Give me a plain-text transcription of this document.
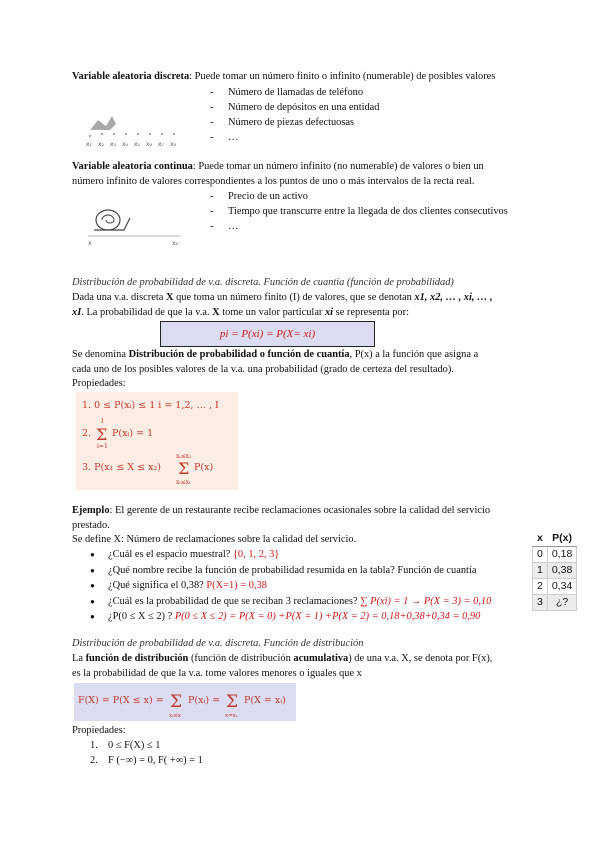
Variable aleatoria discreta: Puede tomar un número finito o infinito (numerable) de posibles valores
x₁ x₂ x₃ x₄ x₅ x₆ x₇ x₈
- Número de llamadas de teléfono
- Número de depósitos en una entidad
- Número de piezas defectuosas
- …
Variable aleatoria continua: Puede tomar un número infinito (no numerable) de valores o bien un
número infinito de valores correspondientes a los puntos de uno o más intervalos de la recta real.
x	x₂
- Precio de un activo
- Tiempo que transcurre entre la llegada de dos clientes consecutivos
- …
Distribución de probabilidad de v.a. discreta. Función de cuantía (función de probabilidad)
Dada una v.a. discreta X que toma un número finito (I) de valores, que se denotan x1, x2, … , xi, … ,
xI. La probabilidad de que la v.a. X tome un valor particular xi se representa por:
pi = P(xi) = P(X= xi)
Se denomina Distribución de probabilidad o función de cuantía, P(x) a la función que asigna a
cada uno de los posibles valores de la v.a. una probabilidad (grado de certeza del resultado).
Propiedades:
1. 0 ≤ P(xᵢ) ≤ 1 i = 1,2, … , I
2. Σ
I
i=1
P(xᵢ) = 1
3. P(x₁ ≤ X ≤ x₂) Σ
xᵢ≤x₂
xᵢ≤xᵢ
P(x)
Ejemplo: El gerente de un restaurante recibe reclamaciones ocasionales sobre la calidad del servicio
prestado.
Se define X: Número de reclamaciones sobre la calidad del servicio.
● ¿Cuál es el espacio muestral? {0, 1, 2, 3}
● ¿Qué nombre recibe la función de probabilidad resumida en la tabla? Función de cuantía
● ¿Qué significa el 0,38? P(X=1) = 0,38
● ¿Cuál es la probabilidad de que se reciban 3 reclamaciones? ∑ P(xi) = 1 → P(X = 3) = 0,10
● ¿P(0 ≤ X ≤ 2) ? P(0 ≤ X ≤ 2) = P(X = 0) +P(X = 1) +P(X = 2) = 0,18+0,38+0,34 = 0,90
x	P(x)
0	0,18
1	0,38
2	0,34
3	¿?
Distribución de probabilidad de v.a. discreta. Función de distribución
La función de distribución (función de distribución acumulativa) de una v.a. X, se denota por F(x),
es la probabilidad de que la v.a. tome valores menores o iguales que x
F(X) = P(X ≤ x) = Σ
xᵢ≤x
P(xᵢ) = Σ
x=x₁
P(X = xᵢ)
Propiedades:
1. 0 ≤ F(X) ≤ 1
2. F (−∞) = 0, F( +∞) = 1
